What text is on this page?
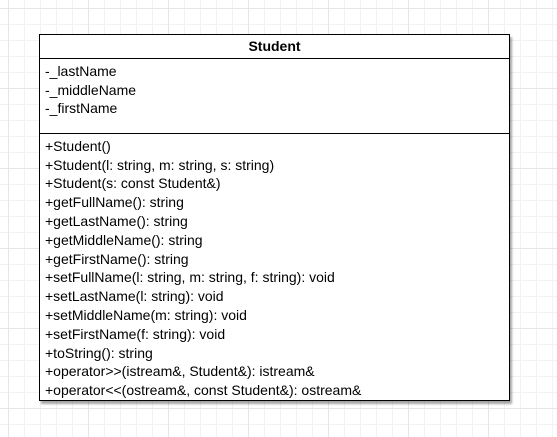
Student
-_lastName
-_middleName
-_firstName
+Student()
+Student(l: string, m: string, s: string)
+Student(s: const Student&)
+getFullName(): string
+getLastName(): string
+getMiddleName(): string
+getFirstName(): string
+setFullName(l: string, m: string, f: string): void
+setLastName(l: string): void
+setMiddleName(m: string): void
+setFirstName(f: string): void
+toString(): string
+operator>>(istream&, Student&): istream&
+operator<<(ostream&, const Student&): ostream&
